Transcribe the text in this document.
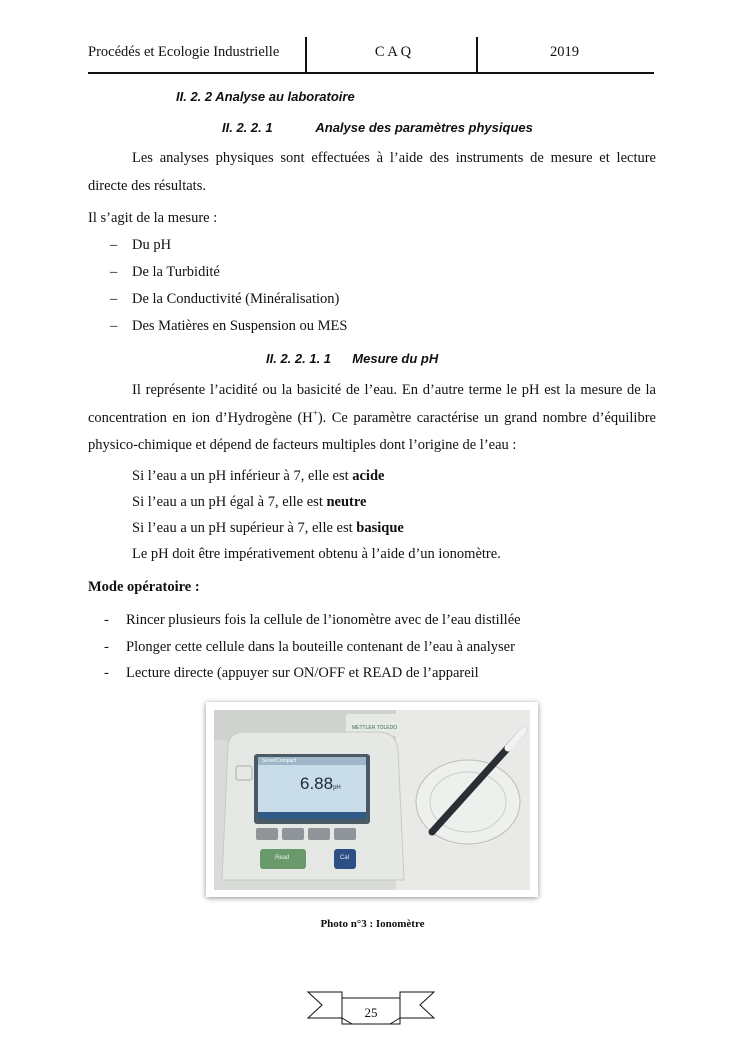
Procédés et Ecologie Industrielle	C A Q	2019
II. 2. 2 Analyse au laboratoire
II. 2. 2. 1	Analyse des paramètres physiques
Les analyses physiques sont effectuées à l’aide des instruments de mesure et lecture directe des résultats.
Il s’agit de la mesure :
– Du pH
– De la Turbidité
– De la Conductivité (Minéralisation)
– Des Matières en Suspension ou MES
II. 2. 2. 1. 1 Mesure du pH
Il représente l’acidité ou la basicité de l’eau. En d’autre terme le pH est la mesure de la concentration en ion d’Hydrogène (H+). Ce paramètre caractérise un grand nombre d’équilibre physico-chimique et dépend de facteurs multiples dont l’origine de l’eau :
Si l’eau a un pH inférieur à 7, elle est acide
Si l’eau a un pH égal à 7, elle est neutre
Si l’eau a un pH supérieur à 7, elle est basique
Le pH doit être impérativement obtenu à l’aide d’un ionomètre.
Mode opératoire :
- Rincer plusieurs fois la cellule de l’ionomètre avec de l’eau distillée
- Plonger cette cellule dans la bouteille contenant de l’eau à analyser
- Lecture directe (appuyer sur ON/OFF et READ de l’appareil
METTLER TOLEDO
SevenCompact
6.88pH
Read	Cal
Photo n°3 : Ionomètre
25
